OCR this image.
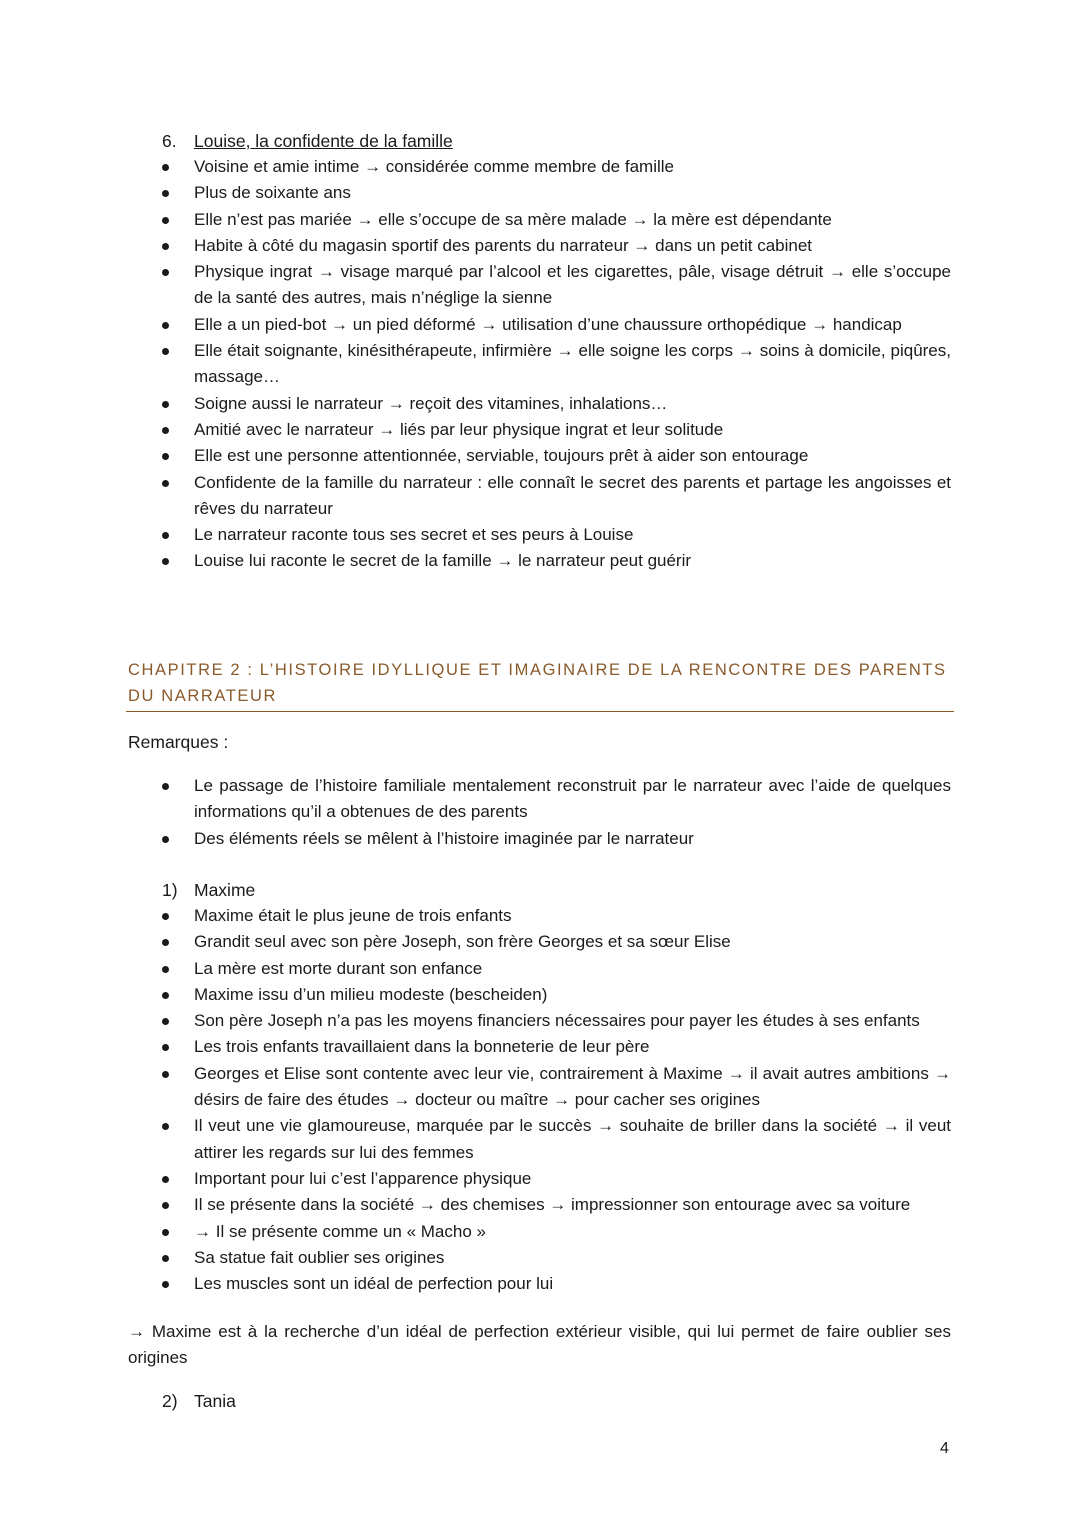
6. Louise, la confidente de la famille
Voisine et amie intime → considérée comme membre de famille
Plus de soixante ans
Elle n’est pas mariée → elle s’occupe de sa mère malade → la mère est dépendante
Habite à côté du magasin sportif des parents du narrateur → dans un petit cabinet
Physique ingrat → visage marqué par l’alcool et les cigarettes, pâle, visage détruit → elle s’occupe de la santé des autres, mais n’néglige la sienne
Elle a un pied-bot → un pied déformé → utilisation d’une chaussure orthopédique → handicap
Elle était soignante, kinésithérapeute, infirmière → elle soigne les corps → soins à domicile, piqûres, massage…
Soigne aussi le narrateur → reçoit des vitamines, inhalations…
Amitié avec le narrateur → liés par leur physique ingrat et leur solitude
Elle est une personne attentionnée, serviable, toujours prêt à aider son entourage
Confidente de la famille du narrateur : elle connaît le secret des parents et partage les angoisses et rêves du narrateur
Le narrateur raconte tous ses secret et ses peurs à Louise
Louise lui raconte le secret de la famille → le narrateur peut guérir
CHAPITRE 2 : L’HISTOIRE IDYLLIQUE ET IMAGINAIRE DE LA RENCONTRE DES PARENTS DU NARRATEUR
Remarques :
Le passage de l’histoire familiale mentalement reconstruit par le narrateur avec l’aide de quelques informations qu’il a obtenues de des parents
Des éléments réels se mêlent à l’histoire imaginée par le narrateur
1) Maxime
Maxime était le plus jeune de trois enfants
Grandit seul avec son père Joseph, son frère Georges et sa sœur Elise
La mère est morte durant son enfance
Maxime issu d’un milieu modeste (bescheiden)
Son père Joseph n’a pas les moyens financiers nécessaires pour payer les études à ses enfants
Les trois enfants travaillaient dans la bonneterie de leur père
Georges et Elise sont contente avec leur vie, contrairement à Maxime → il avait autres ambitions → désirs de faire des études → docteur ou maître → pour cacher ses origines
Il veut une vie glamoureuse, marquée par le succès → souhaite de briller dans la société → il veut attirer les regards sur lui des femmes
Important pour lui c’est l’apparence physique
Il se présente dans la société → des chemises → impressionner son entourage avec sa voiture
→ Il se présente comme un « Macho »
Sa statue fait oublier ses origines
Les muscles sont un idéal de perfection pour lui
→ Maxime est à la recherche d’un idéal de perfection extérieur visible, qui lui permet de faire oublier ses origines
2) Tania
4
